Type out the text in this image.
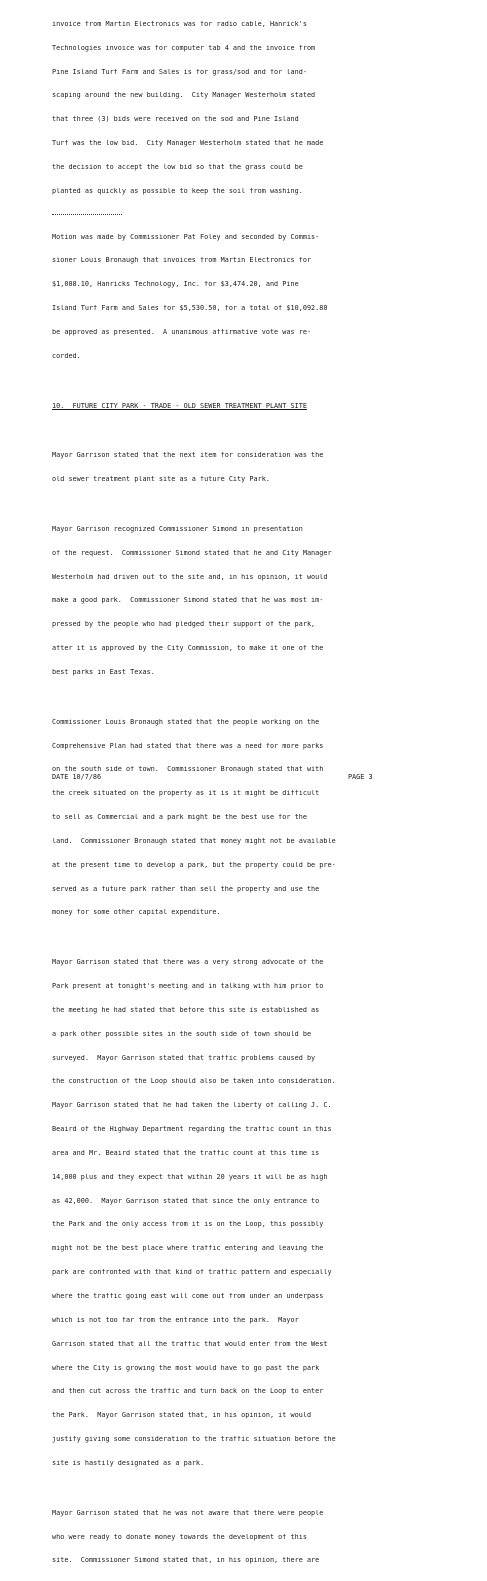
invoice from Martin Electronics was for radio cable, Hanrick's

Technologies invoice was for computer tab 4 and the invoice from

Pine Island Turf Farm and Sales is for grass/sod and for land-

scaping around the new building.  City Manager Westerholm stated

that three (3) bids were received on the sod and Pine Island

Turf was the low bid.  City Manager Westerholm stated that he made

the decision to accept the low bid so that the grass could be

planted as quickly as possible to keep the soil from washing.

Motion was made by Commissioner Pat Foley and seconded by Commis-

sioner Louis Bronaugh that invoices from Martin Electronics for

$1,088.10, Hanricks Technology, Inc. for $3,474.20, and Pine

Island Turf Farm and Sales for $5,530.50, for a total of $10,092.80

be approved as presented.  A unanimous affirmative vote was re-

corded.

10.  FUTURE CITY PARK - TRADE - OLD SEWER TREATMENT PLANT SITE

Mayor Garrison stated that the next item for consideration was the

old sewer treatment plant site as a future City Park.

Mayor Garrison recognized Commissioner Simond in presentation

of the request.  Commissioner Simond stated that he and City Manager

Westerholm had driven out to the site and, in his opinion, it would

make a good park.  Commissioner Simond stated that he was most im-

pressed by the people who had pledged their support of the park,

after it is approved by the City Commission, to make it one of the

best parks in East Texas.

Commissioner Louis Bronaugh stated that the people working on the

Comprehensive Plan had stated that there was a need for more parks

on the south side of town.  Commissioner Bronaugh stated that with

the creek situated on the property as it is it might be difficult

to sell as Commercial and a park might be the best use for the

land.  Commissioner Bronaugh stated that money might not be available

at the present time to develop a park, but the property could be pre-

served as a future park rather than sell the property and use the

money for some other capital expenditure.

Mayor Garrison stated that there was a very strong advocate of the

Park present at tonight's meeting and in talking with him prior to

the meeting he had stated that before this site is established as

a park other possible sites in the south side of town should be

surveyed.  Mayor Garrison stated that traffic problems caused by

the construction of the Loop should also be taken into consideration.

Mayor Garrison stated that he had taken the liberty of calling J. C.

Beaird of the Highway Department regarding the traffic count in this

area and Mr. Beaird stated that the traffic count at this time is

14,000 plus and they expect that within 20 years it will be as high

as 42,000.  Mayor Garrison stated that since the only entrance to

the Park and the only access from it is on the Loop, this possibly

might not be the best place where traffic entering and leaving the

park are confronted with that kind of traffic pattern and especially

where the traffic going east will come out from under an underpass

which is not too far from the entrance into the park.  Mayor

Garrison stated that all the traffic that would enter from the West

where the City is growing the most would have to go past the park

and then cut across the traffic and turn back on the Loop to enter

the Park.  Mayor Garrison stated that, in his opinion, it would

justify giving some consideration to the traffic situation before the

site is hastily designated as a park.

Mayor Garrison stated that he was not aware that there were people

who were ready to donate money towards the development of this

site.  Commissioner Simond stated that, in his opinion, there are

DATE 10/7/86	PAGE 3
